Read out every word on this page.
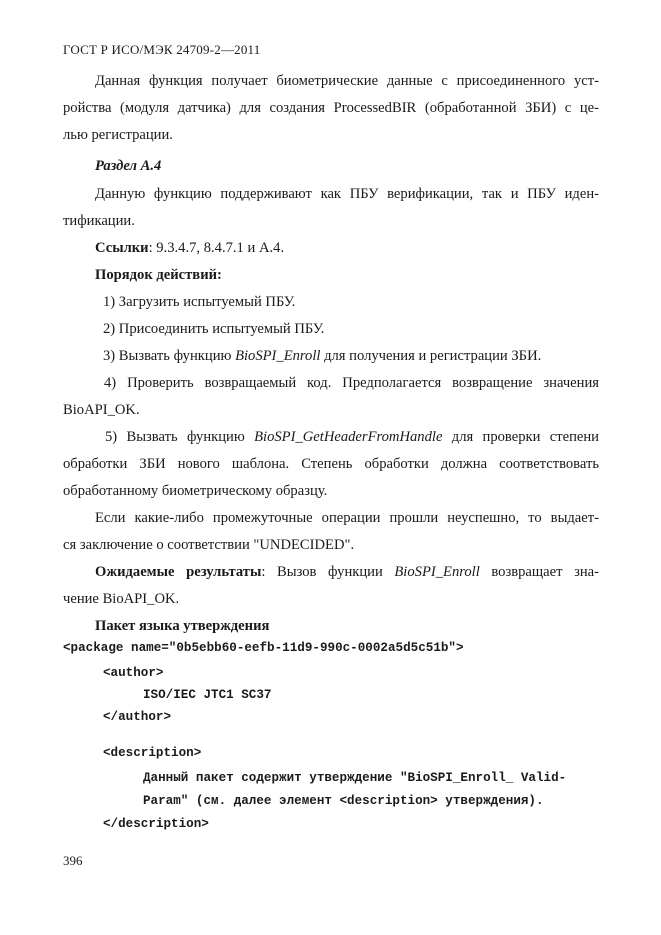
ГОСТ Р ИСО/МЭК 24709-2—2011
Данная функция получает биометрические данные с присоединенного уст-
ройства (модуля датчика) для создания ProcessedBIR (обработанной ЗБИ) с це-
лью регистрации.
Раздел А.4
Данную функцию поддерживают как ПБУ верификации, так и ПБУ иден-
тификации.
Ссылки: 9.3.4.7, 8.4.7.1 и А.4.
Порядок действий:
1) Загрузить испытуемый ПБУ.
2) Присоединить испытуемый ПБУ.
3) Вызвать функцию BioSPI_Enroll для получения и регистрации ЗБИ.
4) Проверить возвращаемый код. Предполагается возвращение значения
BioAPI_OK.
5) Вызвать функцию BioSPI_GetHeaderFromHandle для проверки степени
обработки ЗБИ нового шаблона. Степень обработки должна соответствовать
обработанному биометрическому образцу.
Если какие-либо промежуточные операции прошли неуспешно, то выдает-
ся заключение о соответствии "UNDECIDED".
Ожидаемые результаты: Вызов функции BioSPI_Enroll возвращает зна-
чение BioAPI_OK.
Пакет языка утверждения
<package name="0b5ebb60-eefb-11d9-990c-0002a5d5c51b">
<author>
ISO/IEC JTC1 SC37
</author>
<description>
Данный пакет содержит утверждение "BioSPI_Enroll_ Valid-
Param" (см. далее элемент <description> утверждения).
</description>
396
